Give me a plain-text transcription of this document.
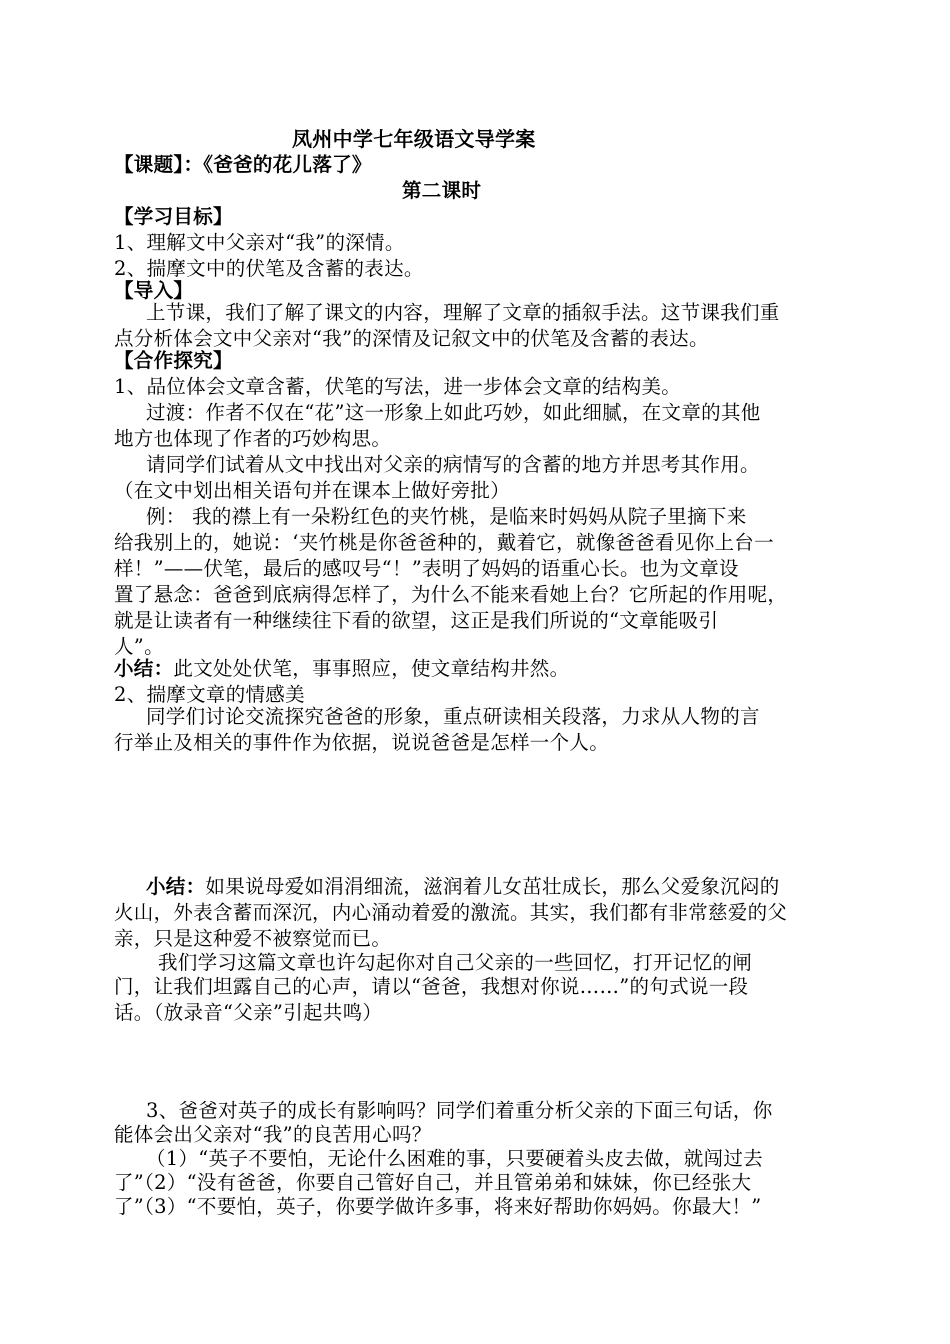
凤州中学七年级语文导学案
【课题】：《爸爸的花儿落了》
第二课时
【学习目标】
1、理解文中父亲对“我”的深情。
2、揣摩文中的伏笔及含蓄的表达。
【导入】
上节课，我们了解了课文的内容，理解了文章的插叙手法。这节课我们重
点分析体会文中父亲对“我”的深情及记叙文中的伏笔及含蓄的表达。
【合作探究】
1、品位体会文章含蓄，伏笔的写法，进一步体会文章的结构美。
过渡：作者不仅在“花”这一形象上如此巧妙，如此细腻，在文章的其他
地方也体现了作者的巧妙构思。
请同学们试着从文中找出对父亲的病情写的含蓄的地方并思考其作用。
（在文中划出相关语句并在课本上做好旁批）
例： 我的襟上有一朵粉红色的夹竹桃，是临来时妈妈从院子里摘下来
给我别上的，她说：‘夹竹桃是你爸爸种的，戴着它，就像爸爸看见你上台一
样！”——伏笔，最后的感叹号“！”表明了妈妈的语重心长。也为文章设
置了悬念：爸爸到底病得怎样了，为什么不能来看她上台？它所起的作用呢，
就是让读者有一种继续往下看的欲望，这正是我们所说的“文章能吸引
人”。
小结：此文处处伏笔，事事照应，使文章结构井然。
2、揣摩文章的情感美
同学们讨论交流探究爸爸的形象，重点研读相关段落，力求从人物的言
行举止及相关的事件作为依据，说说爸爸是怎样一个人。
小结：如果说母爱如涓涓细流，滋润着儿女茁壮成长，那么父爱象沉闷的
火山，外表含蓄而深沉，内心涌动着爱的激流。其实，我们都有非常慈爱的父
亲，只是这种爱不被察觉而已。
我们学习这篇文章也许勾起你对自己父亲的一些回忆，打开记忆的闸
门，让我们坦露自己的心声，请以“爸爸，我想对你说……”的句式说一段
话。（放录音“父亲”引起共鸣）
3、爸爸对英子的成长有影响吗？同学们着重分析父亲的下面三句话，你
能体会出父亲对“我”的良苦用心吗？
（1）“英子不要怕，无论什么困难的事，只要硬着头皮去做，就闯过去
了”（2）“没有爸爸，你要自己管好自己，并且管弟弟和妹妹，你已经张大
了”（3）“不要怕，英子，你要学做许多事，将来好帮助你妈妈。你最大！”
